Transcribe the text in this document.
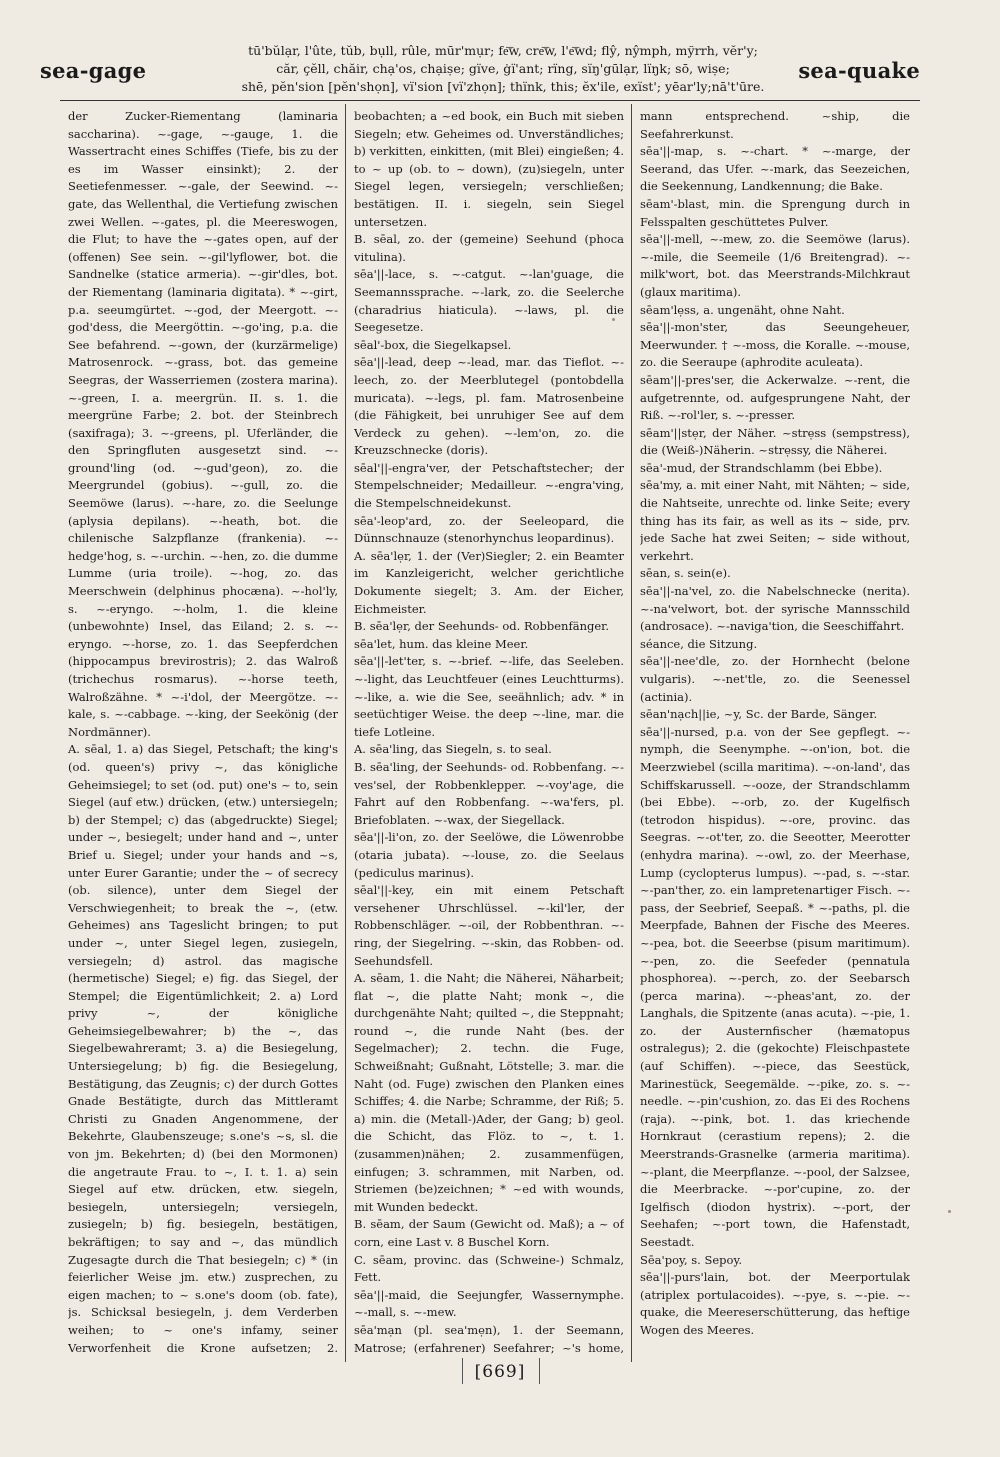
sea-gage
tū'bŭlạr, l'ûte, tŭb, bụll, rûle, mūr'mụr; fe͞w, cre͞w, l'e͞wd; flŷ, nŷmph, mўrrh, vĕr'y;
căr, çĕll, chăir, chạ'os, chạiṣe; gїve, ġї'ant; rїng, sїŋ'gūlạr, lїŋk; sō, wiṣe;
shē, pĕn'sion [pĕn'shọn], vї'sion [vї'zhọn]; thїnk, this; ĕx'ile, exїst'; yēar'ly;nā't'ūre.
sea-quake

der Zucker-Riementang (laminaria saccharina). ~-gage, ~-gauge, 1. die Wassertracht eines Schiffes (Tiefe, bis zu der es im Wasser einsinkt); 2. der Seetiefenmesser. ~-gale, der Seewind. ~-gate, das Wellenthal, die Vertiefung zwischen zwei Wellen. ~-gates, pl. die Meereswogen, die Flut; to have the ~-gates open, auf der (offenen) See sein. ~-gil'lyflower, bot. die Sandnelke (statice armeria). ~-gir'dles, bot. der Riementang (laminaria digitata). * ~-girt, p.a. seeumgürtet. ~-god, der Meergott. ~-god'dess, die Meergöttin. ~-go'ing, p.a. die See befahrend. ~-gown, der (kurzärmelige) Matrosenrock. ~-grass, bot. das gemeine Seegras, der Wasserriemen (zostera marina). ~-green, I. a. meergrün. II. s. 1. die meergrüne Farbe; 2. bot. der Steinbrech (saxifraga); 3. ~-greens, pl. Uferländer, die den Springfluten ausgesetzt sind. ~-ground'ling (od. ~-gud'geon), zo. die Meergrundel (gobius). ~-gull, zo. die Seemöwe (larus). ~-hare, zo. die Seelunge (aplysia depilans). ~-heath, bot. die chilenische Salzpflanze (frankenia). ~-hedge'hog, s. ~-urchin. ~-hen, zo. die dumme Lumme (uria troile). ~-hog, zo. das Meerschwein (delphinus phocæna). ~-hol'ly, s. ~-eryngo. ~-holm, 1. die kleine (unbewohnte) Insel, das Eiland; 2. s. ~-eryngo. ~-horse, zo. 1. das Seepferdchen (hippocampus brevirostris); 2. das Walroß (trichechus rosmarus). ~-horse teeth, Walroßzähne. * ~-i'dol, der Meergötze. ~-kale, s. ~-cabbage. ~-king, der Seekönig (der Nordmänner).

A. sēal, 1. a) das Siegel, Petschaft; the king's (od. queen's) privy ~, das königliche Geheimsiegel; to set (od. put) one's ~ to, sein Siegel (auf etw.) drücken, (etw.) untersiegeln; b) der Stempel; c) das (abgedruckte) Siegel; under ~, besiegelt; under hand and ~, unter Brief u. Siegel; under your hands and ~s, unter Eurer Garantie; under the ~ of secrecy (ob. silence), unter dem Siegel der Verschwiegenheit; to break the ~, (etw. Geheimes) ans Tageslicht bringen; to put under ~, unter Siegel legen, zusiegeln, versiegeln; d) astrol. das magische (hermetische) Siegel; e) fig. das Siegel, der Stempel; die Eigentümlichkeit; 2. a) Lord privy ~, der königliche Geheimsiegelbewahrer; b) the ~, das Siegelbewahreramt; 3. a) die Besiegelung, Untersiegelung; b) fig. die Besiegelung, Bestätigung, das Zeugnis; c) der durch Gottes Gnade Bestätigte, durch das Mittleramt Christi zu Gnaden Angenommene, der Bekehrte, Glaubenszeuge; s.one's ~s, sl. die von jm. Bekehrten; d) (bei den Mormonen) die angetraute Frau. to ~, I. t. 1. a) sein Siegel auf etw. drücken, etw. siegeln, besiegeln, untersiegeln; versiegeln, zusiegeln; b) fig. besiegeln, bestätigen, bekräftigen; to say and ~, das mündlich Zugesagte durch die That besiegeln; c) * (in feierlicher Weise jm. etw.) zusprechen, zu eigen machen; to ~ s.one's doom (ob. fate), js. Schicksal besiegeln, j. dem Verderben weihen; to ~ one's infamy, seiner Verworfenheit die Krone aufsetzen; 2.

beobachten; a ~ed book, ein Buch mit sieben Siegeln; etw. Geheimes od. Unverständliches; b) verkitten, einkitten, (mit Blei) eingießen; 4. to ~ up (ob. to ~ down), (zu)siegeln, unter Siegel legen, versiegeln; verschließen; bestätigen. II. i. siegeln, sein Siegel untersetzen.

B. sēal, zo. der (gemeine) Seehund (phoca vitulina).

sēa'||-lace, s. ~-catgut. ~-lan'guage, die Seemannssprache. ~-lark, zo. die Seelerche (charadrius hiaticula). ~-laws, pl. die Seegesetze.

sēal'-box, die Siegelkapsel.

sēa'||-lead, deep ~-lead, mar. das Tieflot. ~-leech, zo. der Meerblutegel (pontobdella muricata). ~-legs, pl. fam. Matrosenbeine (die Fähigkeit, bei unruhiger See auf dem Verdeck zu gehen). ~-lem'on, zo. die Kreuzschnecke (doris).

sēal'||-engra'ver, der Petschaftstecher; der Stempelschneider; Medailleur. ~-engra'ving, die Stempelschneidekunst.

sēa'-leop'ard, zo. der Seeleopard, die Dünnschnauze (stenorhynchus leopardinus).

A. sēa'lẹr, 1. der (Ver)Siegler; 2. ein Beamter im Kanzleigericht, welcher gerichtliche Dokumente siegelt; 3. Am. der Eicher, Eichmeister.

B. sēa'lẹr, der Seehunds- od. Robbenfänger.

sēa'let, hum. das kleine Meer.

sēa'||-let'ter, s. ~-brief. ~-life, das Seeleben. ~-light, das Leuchtfeuer (eines Leuchtturms). ~-like, a. wie die See, seeähnlich; adv. * in seetüchtiger Weise. the deep ~-line, mar. die tiefe Lotleine.

A. sēa'ling, das Siegeln, s. to seal.

B. sēa'ling, der Seehunds- od. Robbenfang. ~-ves'sel, der Robbenklepper. ~-voy'age, die Fahrt auf den Robbenfang. ~-wa'fers, pl. Briefoblaten. ~-wax, der Siegellack.

sēa'||-li'on, zo. der Seelöwe, die Löwenrobbe (otaria jubata). ~-louse, zo. die Seelaus (pediculus marinus).

sēal'||-key, ein mit einem Petschaft versehener Uhrschlüssel. ~-kil'ler, der Robbenschläger. ~-oil, der Robbenthran. ~-ring, der Siegelring. ~-skin, das Robben- od. Seehundsfell.

A. sēam, 1. die Naht; die Näherei, Näharbeit; flat ~, die platte Naht; monk ~, die durchgenähte Naht; quilted ~, die Steppnaht; round ~, die runde Naht (bes. der Segelmacher); 2. techn. die Fuge, Schweißnaht; Gußnaht, Lötstelle; 3. mar. die Naht (od. Fuge) zwischen den Planken eines Schiffes; 4. die Narbe; Schramme, der Riß; 5. a) min. die (Metall-)Ader, der Gang; b) geol. die Schicht, das Flöz. to ~, t. 1. (zusammen)nähen; 2. zusammenfügen, einfugen; 3. schrammen, mit Narben, od. Striemen (be)zeichnen; * ~ed with wounds, mit Wunden bedeckt.

B. sēam, der Saum (Gewicht od. Maß); a ~ of corn, eine Last v. 8 Buschel Korn.

C. sēam, provinc. das (Schweine-) Schmalz, Fett.

sēa'||-maid, die Seejungfer, Wassernymphe. ~-mall, s. ~-mew.

sēa'mạn (pl. sea'mẹn), 1. der Seemann, Matrose; (erfahrener) Seefahrer; ~'s home,

mann entsprechend. ~ship, die Seefahrerkunst.

sēa'||-map, s. ~-chart. * ~-marge, der Seerand, das Ufer. ~-mark, das Seezeichen, die Seekennung, Landkennung; die Bake.

sēam'-blast, min. die Sprengung durch in Felsspalten geschüttetes Pulver.

sēa'||-mell, ~-mew, zo. die Seemöwe (larus). ~-mile, die Seemeile (1/6 Breitengrad). ~-milk'wort, bot. das Meerstrands-Milchkraut (glaux maritima).

sēam'lẹss, a. ungenäht, ohne Naht.

sēa'||-mon'ster, das Seeungeheuer, Meerwunder. † ~-moss, die Koralle. ~-mouse, zo. die Seeraupe (aphrodite aculeata).

sēam'||-pres'ser, die Ackerwalze. ~-rent, die aufgetrennte, od. aufgesprungene Naht, der Riß. ~-rol'ler, s. ~-presser.

sēam'||stẹr, der Näher. ~strẹss (sempstress), die (Weiß-)Näherin. ~strẹssy, die Näherei.

sēa'-mud, der Strandschlamm (bei Ebbe).

sēa'my, a. mit einer Naht, mit Nähten; ~ side, die Nahtseite, unrechte od. linke Seite; every thing has its fair, as well as its ~ side, prv. jede Sache hat zwei Seiten; ~ side without, verkehrt.

sēan, s. sein(e).

sēa'||-na'vel, zo. die Nabelschnecke (nerita). ~-na'velwort, bot. der syrische Mannsschild (androsace). ~-naviga'tion, die Seeschiffahrt.

séance, die Sitzung.

sēa'||-nee'dle, zo. der Hornhecht (belone vulgaris). ~-net'tle, zo. die Seenessel (actinia).

sēan'nạch||ie, ~y, Sc. der Barde, Sänger.

sēa'||-nursed, p.a. von der See gepflegt. ~-nymph, die Seenymphe. ~-on'ion, bot. die Meerzwiebel (scilla maritima). ~-on-land', das Schiffskarussell. ~-ooze, der Strandschlamm (bei Ebbe). ~-orb, zo. der Kugelfisch (tetrodon hispidus). ~-ore, provinc. das Seegras. ~-ot'ter, zo. die Seeotter, Meerotter (enhydra marina). ~-owl, zo. der Meerhase, Lump (cyclopterus lumpus). ~-pad, s. ~-star. ~-pan'ther, zo. ein lampretenartiger Fisch. ~-pass, der Seebrief, Seepaß. * ~-paths, pl. die Meerpfade, Bahnen der Fische des Meeres. ~-pea, bot. die Seeerbse (pisum maritimum). ~-pen, zo. die Seefeder (pennatula phosphorea). ~-perch, zo. der Seebarsch (perca marina). ~-pheas'ant, zo. der Langhals, die Spitzente (anas acuta). ~-pie, 1. zo. der Austernfischer (hæmatopus ostralegus); 2. die (gekochte) Fleischpastete (auf Schiffen). ~-piece, das Seestück, Marinestück, Seegemälde. ~-pike, zo. s. ~-needle. ~-pin'cushion, zo. das Ei des Rochens (raja). ~-pink, bot. 1. das kriechende Hornkraut (cerastium repens); 2. die Meerstrands-Grasnelke (armeria maritima). ~-plant, die Meerpflanze. ~-pool, der Salzsee, die Meerbracke. ~-por'cupine, zo. der Igelfisch (diodon hystrix). ~-port, der Seehafen; ~-port town, die Hafenstadt, Seestadt.

Sēa'poy, s. Sepoy.

sēa'||-purs'lain, bot. der Meerportulak (atriplex portulacoides). ~-pye, s. ~-pie. ~-quake, die Meereserschütterung, das heftige Wogen des Meeres.

[669]
